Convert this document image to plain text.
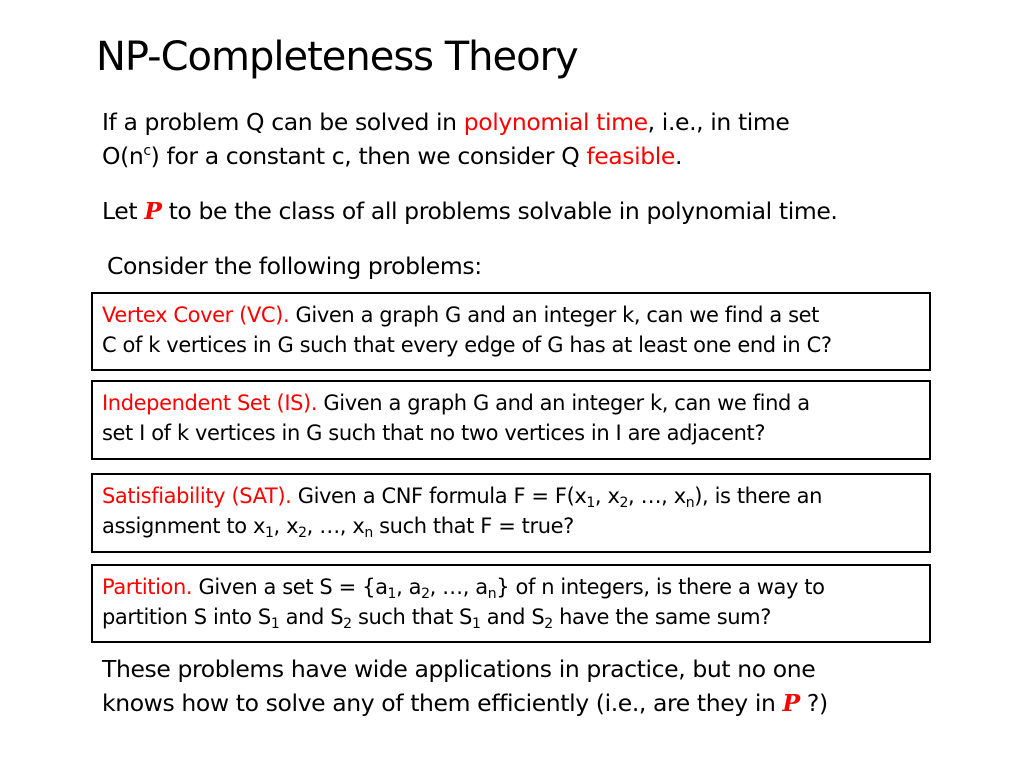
NP-Completeness Theory
If a problem Q can be solved in polynomial time, i.e., in time
$O(n^c)$ for a constant c, then we consider Q feasible.
Let P to be the class of all problems solvable in polynomial time.
Consider the following problems:
Vertex Cover (VC). Given a graph G and an integer k, can we find a set
C of k vertices in G such that every edge of G has at least one end in C?
Independent Set (IS). Given a graph G and an integer k, can we find a
set I of k vertices in G such that no two vertices in I are adjacent?
Satisfiability (SAT). Given a CNF formula $F = F(x_1$, $x_2$, …, $x_n$), is there an
assignment to $x_1$, $x_2$, …, $x_n$ such that F = true?
Partition. Given a set $S = \{a_1$, $a_2$, …, $a_n$} of n integers, is there a way to
partition S into $S_1$ and $S_2$ such that $S_1$ and $S_2$ have the same sum?
These problems have wide applications in practice, but no one
knows how to solve any of them efficiently (i.e., are they in P ?)
